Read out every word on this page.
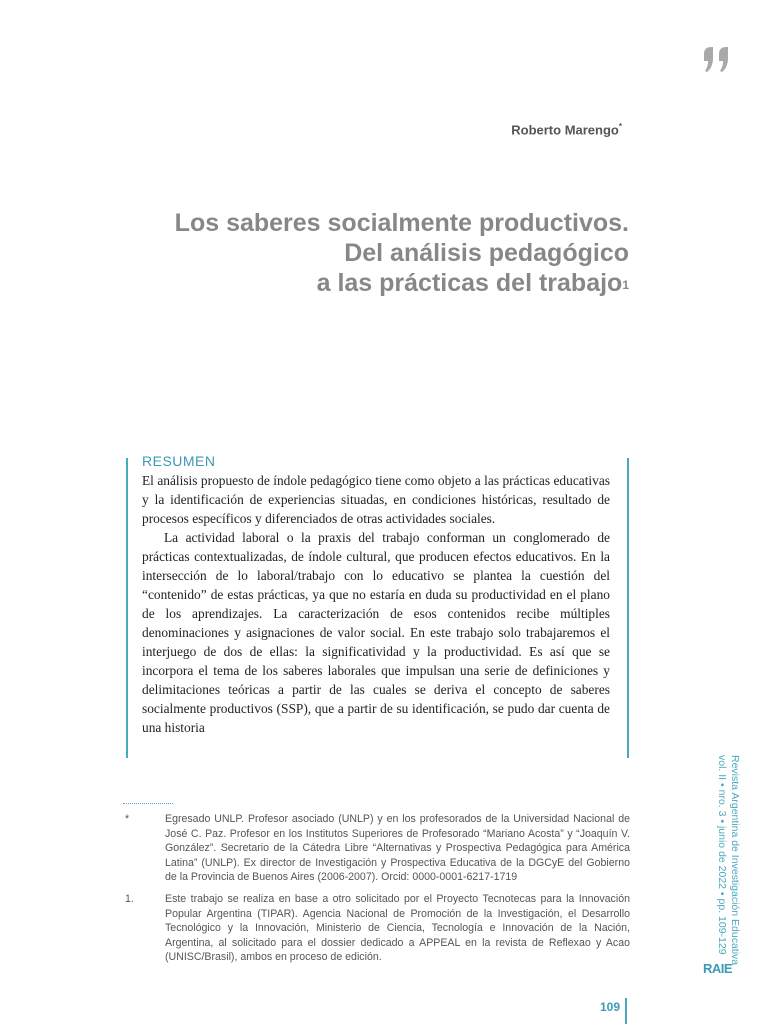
Roberto Marengo*
Los saberes socialmente productivos.
Del análisis pedagógico
a las prácticas del trabajo$^1$
RESUMEN

El análisis propuesto de índole pedagógico tiene como objeto a las prácticas educativas y la identificación de experiencias situadas, en condiciones históricas, resultado de procesos específicos y diferenciados de otras actividades sociales.

La actividad laboral o la praxis del trabajo conforman un conglomerado de prácticas contextualizadas, de índole cultural, que producen efectos educativos. En la intersección de lo laboral/trabajo con lo educativo se plantea la cuestión del “contenido” de estas prácticas, ya que no estaría en duda su productividad en el plano de los aprendizajes. La caracterización de esos contenidos recibe múltiples denominaciones y asignaciones de valor social. En este trabajo solo trabajaremos el interjuego de dos de ellas: la significatividad y la productividad. Es así que se incorpora el tema de los saberes laborales que impulsan una serie de definiciones y delimitaciones teóricas a partir de las cuales se deriva el concepto de saberes socialmente productivos (SSP), que a partir de su identificación, se pudo dar cuenta de una historia

*	Egresado UNLP. Profesor asociado (UNLP) y en los profesorados de la Universidad Nacional de José C. Paz. Profesor en los Institutos Superiores de Profesorado “Mariano Acosta” y “Joaquín V. González”. Secretario de la Cátedra Libre “Alternativas y Prospectiva Pedagógica para América Latina” (UNLP). Ex director de Investigación y Prospectiva Educativa de la DGCyE del Gobierno de la Provincia de Buenos Aires (2006-2007). Orcid: 0000-0001-6217-1719
1.	Este trabajo se realiza en base a otro solicitado por el Proyecto Tecnotecas para la Innovación Popular Argentina (TIPAR). Agencia Nacional de Promoción de la Investigación, el Desarrollo Tecnológico y la Innovación, Ministerio de Ciencia, Tecnología e Innovación de la Nación, Argentina, al solicitado para el dossier dedicado a APPEAL en la revista de Reflexao y Acao (UNISC/Brasil), ambos en proceso de edición.	Revista Argentina de Investigación Educativa
vol. II • nro. 3 • junio de 2022 • pp. 109-129
RAIE
109
